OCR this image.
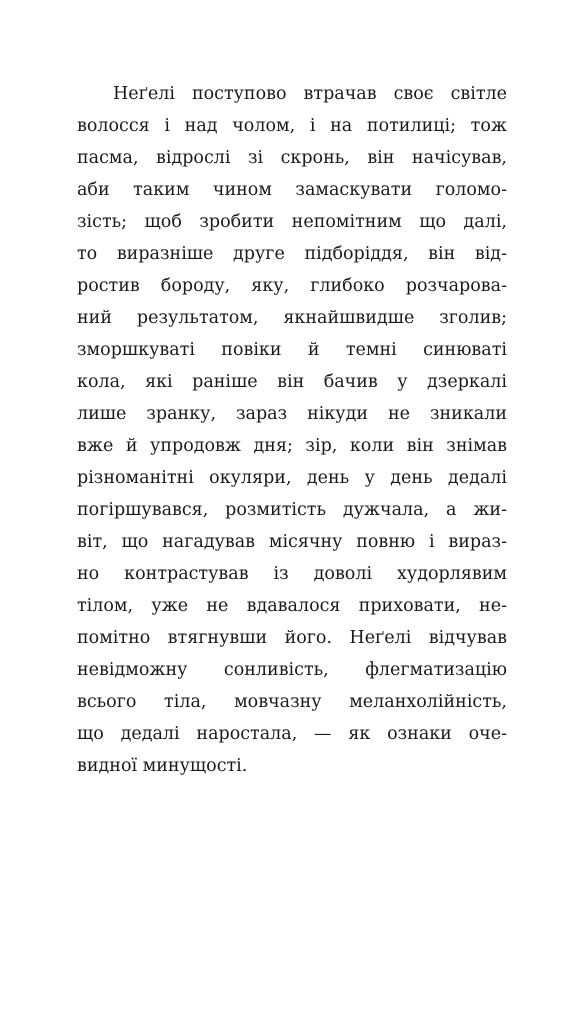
Неґелі поступово втрачав своє світле
волосся і над чолом, і на потилиці; тож
пасма, відрослі зі скронь, він начісував,
аби таким чином замаскувати голомо-
зість; щоб зробити непомітним що далі,
то виразніше друге підборіддя, він від-
ростив бороду, яку, глибоко розчарова-
ний результатом, якнайшвидше зголив;
зморшкуваті повіки й темні синюваті
кола, які раніше він бачив у дзеркалі
лише зранку, зараз нікуди не зникали
вже й упродовж дня; зір, коли він знімав
різноманітні окуляри, день у день дедалі
погіршувався, розмитість дужчала, а жи-
віт, що нагадував місячну повню і вираз-
но контрастував із доволі худорлявим
тілом, уже не вдавалося приховати, не-
помітно втягнувши його. Неґелі відчував
невідможну сонливість, флегматизацію
всього тіла, мовчазну меланхолійність,
що дедалі наростала, — як ознаки оче-
видної минущості.
